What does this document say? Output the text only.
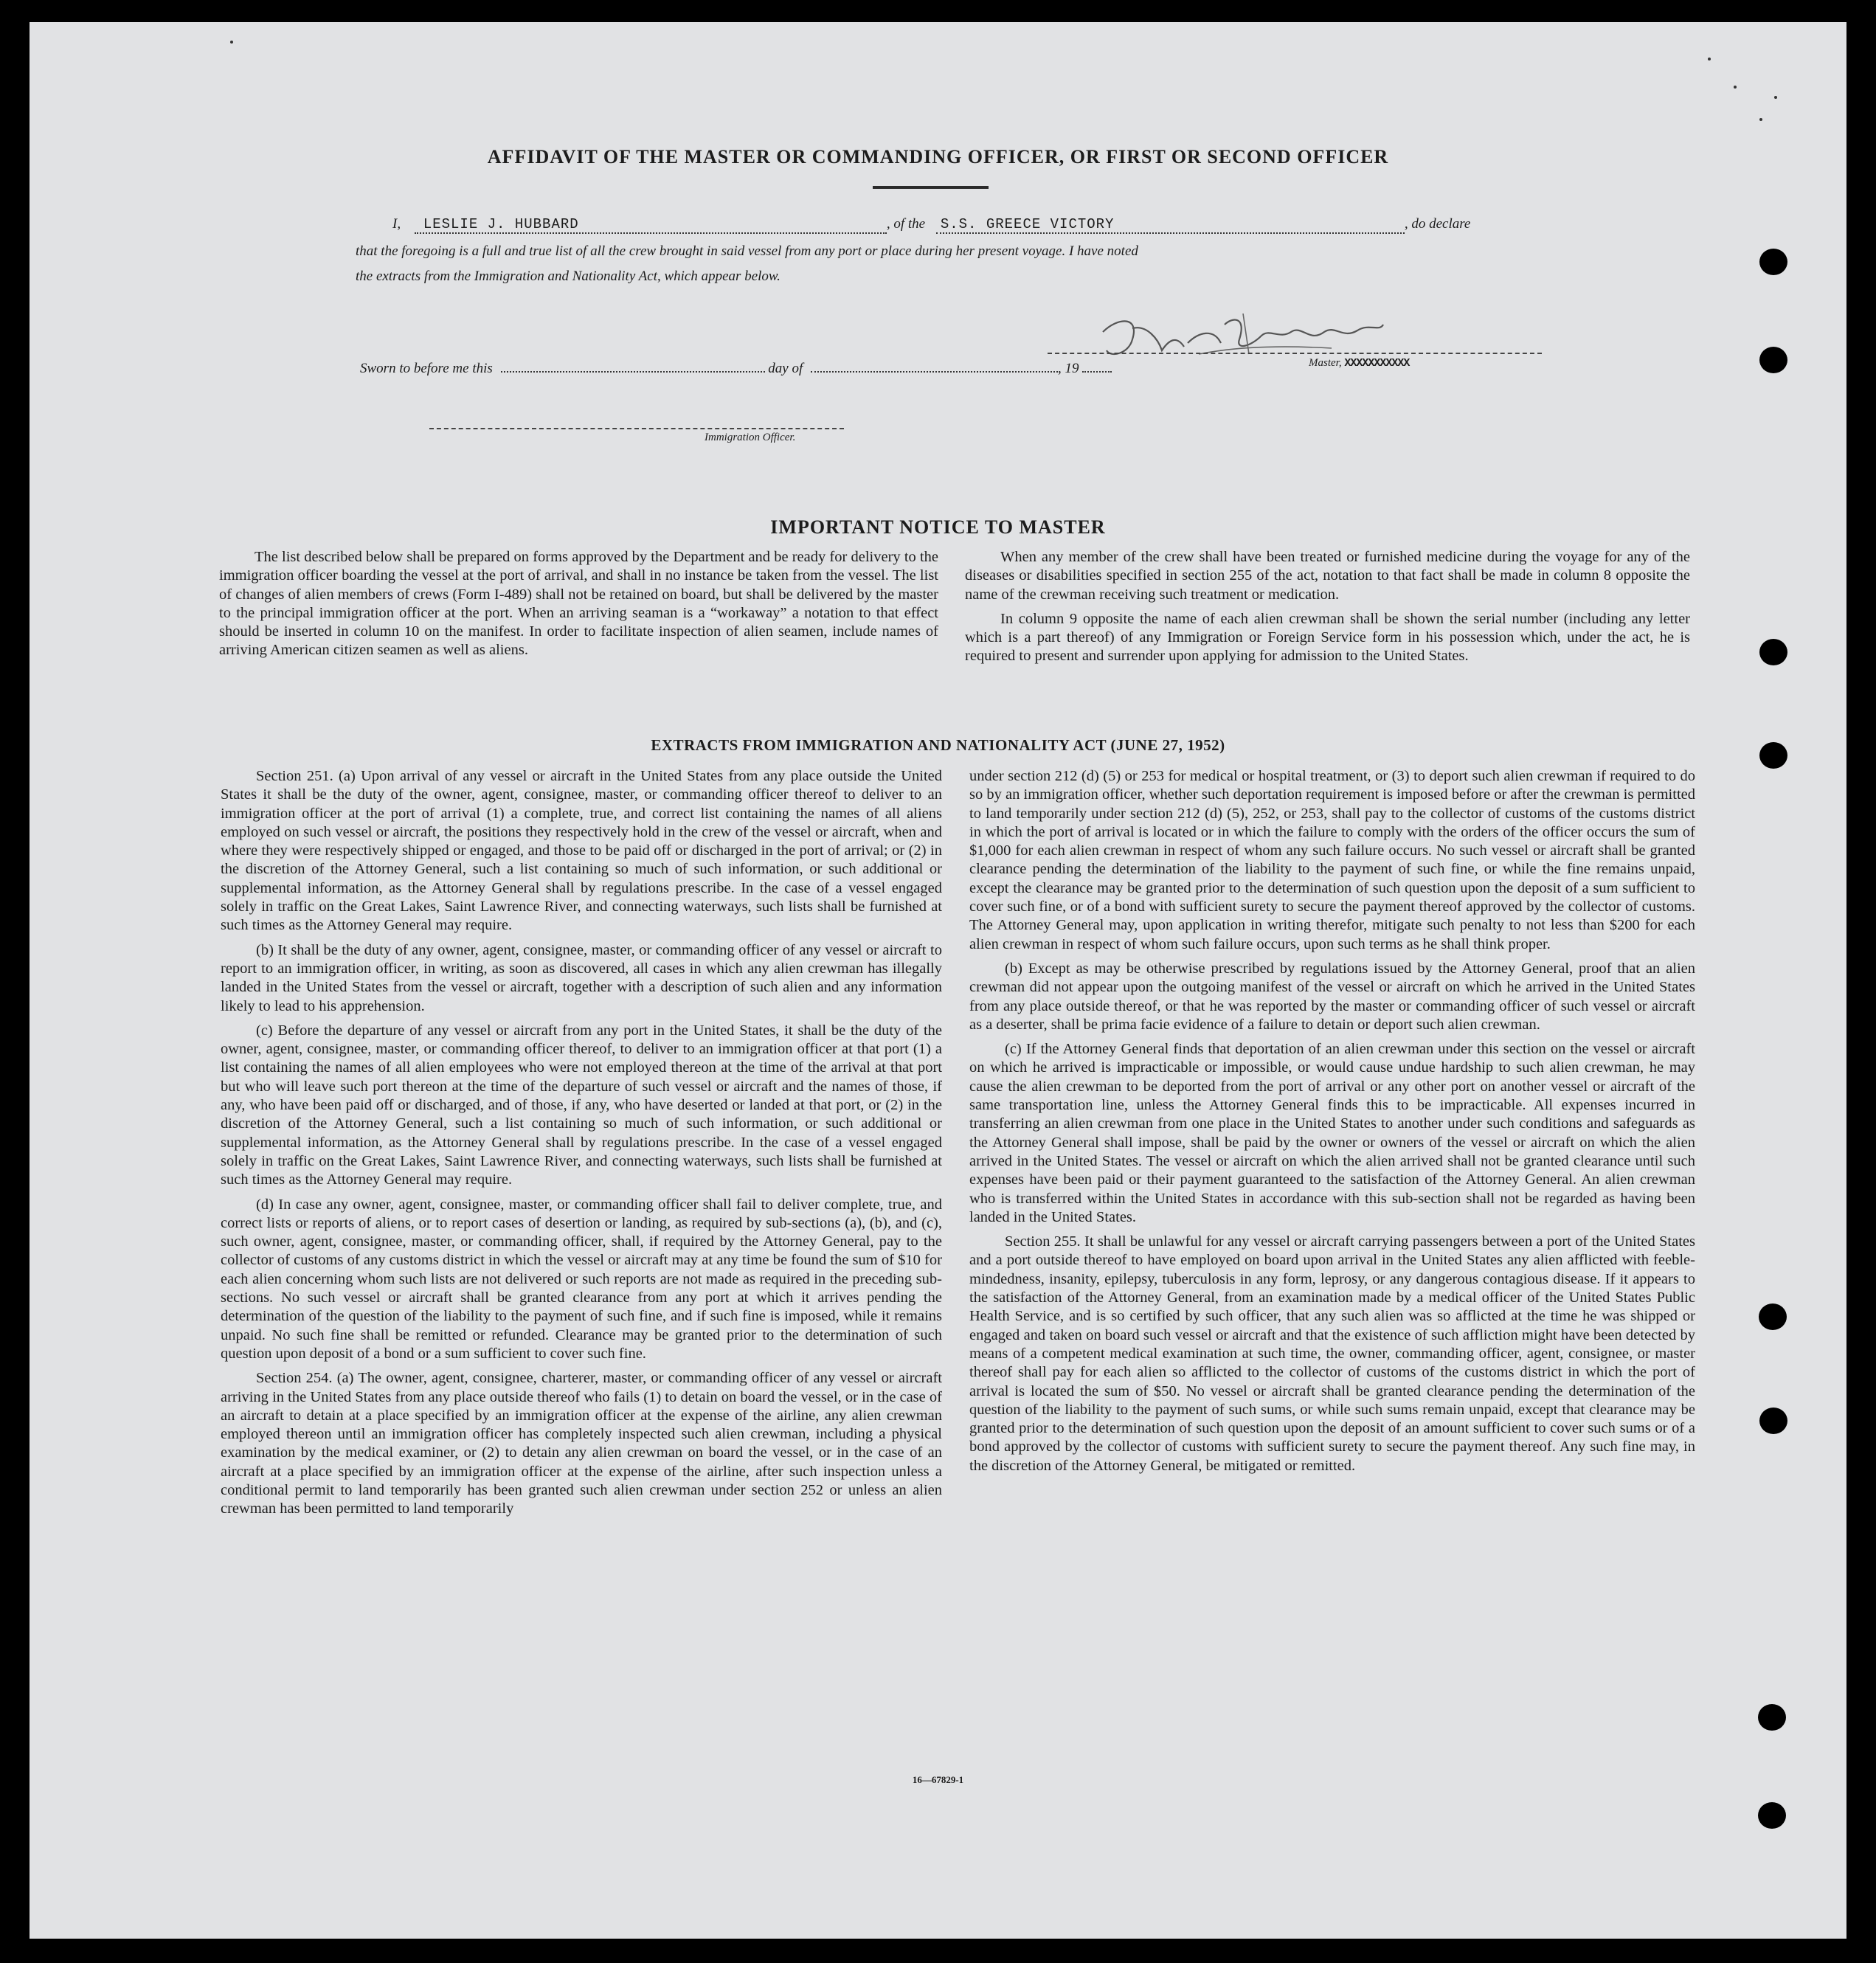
AFFIDAVIT OF THE MASTER OR COMMANDING OFFICER, OR FIRST OR SECOND OFFICER
I, LESLIE J. HUBBARD	, of the S.S. GREECE VICTORY	, do declare
that the foregoing is a full and true list of all the crew brought in said vessel from any port or place during her present voyage. I have noted
the extracts from the Immigration and Nationality Act, which appear below.
Master, XXXXXXXXXXX
Sworn to before me this	day of	, 19
Immigration Officer.
IMPORTANT NOTICE TO MASTER

The list described below shall be prepared on forms approved by the Department and be ready for delivery to the immigration officer boarding the vessel at the port of arrival, and shall in no instance be taken from the vessel. The list of changes of alien members of crews (Form I-489) shall not be retained on board, but shall be delivered by the master to the principal immigration officer at the port. When an arriving seaman is a “workaway” a notation to that effect should be inserted in column 10 on the manifest. In order to facilitate inspection of alien seamen, include names of arriving American citizen seamen as well as aliens.

When any member of the crew shall have been treated or furnished medicine during the voyage for any of the diseases or disabilities specified in section 255 of the act, notation to that fact shall be made in column 8 opposite the name of the crewman receiving such treatment or medication.

In column 9 opposite the name of each alien crewman shall be shown the serial number (including any letter which is a part thereof) of any Immigration or Foreign Service form in his possession which, under the act, he is required to present and surrender upon applying for admission to the United States.

EXTRACTS FROM IMMIGRATION AND NATIONALITY ACT (JUNE 27, 1952)

Section 251. (a) Upon arrival of any vessel or aircraft in the United States from any place outside the United States it shall be the duty of the owner, agent, consignee, master, or commanding officer thereof to deliver to an immigration officer at the port of arrival (1) a complete, true, and correct list containing the names of all aliens employed on such vessel or aircraft, the positions they respectively hold in the crew of the vessel or aircraft, when and where they were respectively shipped or engaged, and those to be paid off or discharged in the port of arrival; or (2) in the discretion of the Attorney General, such a list containing so much of such information, or such additional or supplemental information, as the Attorney General shall by regulations prescribe. In the case of a vessel engaged solely in traffic on the Great Lakes, Saint Lawrence River, and connecting waterways, such lists shall be furnished at such times as the Attorney General may require.

(b) It shall be the duty of any owner, agent, consignee, master, or commanding officer of any vessel or aircraft to report to an immigration officer, in writing, as soon as discovered, all cases in which any alien crewman has illegally landed in the United States from the vessel or aircraft, together with a description of such alien and any information likely to lead to his apprehension.

(c) Before the departure of any vessel or aircraft from any port in the United States, it shall be the duty of the owner, agent, consignee, master, or commanding officer thereof, to deliver to an immigration officer at that port (1) a list containing the names of all alien employees who were not employed thereon at the time of the arrival at that port but who will leave such port thereon at the time of the departure of such vessel or aircraft and the names of those, if any, who have been paid off or discharged, and of those, if any, who have deserted or landed at that port, or (2) in the discretion of the Attorney General, such a list containing so much of such information, or such additional or supplemental information, as the Attorney General shall by regulations prescribe. In the case of a vessel engaged solely in traffic on the Great Lakes, Saint Lawrence River, and connecting waterways, such lists shall be furnished at such times as the Attorney General may require.

(d) In case any owner, agent, consignee, master, or commanding officer shall fail to deliver complete, true, and correct lists or reports of aliens, or to report cases of desertion or landing, as required by sub-sections (a), (b), and (c), such owner, agent, consignee, master, or commanding officer, shall, if required by the Attorney General, pay to the collector of customs of any customs district in which the vessel or aircraft may at any time be found the sum of $10 for each alien concerning whom such lists are not delivered or such reports are not made as required in the preceding sub-sections. No such vessel or aircraft shall be granted clearance from any port at which it arrives pending the determination of the question of the liability to the payment of such fine, and if such fine is imposed, while it remains unpaid. No such fine shall be remitted or refunded. Clearance may be granted prior to the determination of such question upon deposit of a bond or a sum sufficient to cover such fine.

Section 254. (a) The owner, agent, consignee, charterer, master, or commanding officer of any vessel or aircraft arriving in the United States from any place outside thereof who fails (1) to detain on board the vessel, or in the case of an aircraft to detain at a place specified by an immigration officer at the expense of the airline, any alien crewman employed thereon until an immigration officer has completely inspected such alien crewman, including a physical examination by the medical examiner, or (2) to detain any alien crewman on board the vessel, or in the case of an aircraft at a place specified by an immigration officer at the expense of the airline, after such inspection unless a conditional permit to land temporarily has been granted such alien crewman under section 252 or unless an alien crewman has been permitted to land temporarily

under section 212 (d) (5) or 253 for medical or hospital treatment, or (3) to deport such alien crewman if required to do so by an immigration officer, whether such deportation requirement is imposed before or after the crewman is permitted to land temporarily under section 212 (d) (5), 252, or 253, shall pay to the collector of customs of the customs district in which the port of arrival is located or in which the failure to comply with the orders of the officer occurs the sum of $1,000 for each alien crewman in respect of whom any such failure occurs. No such vessel or aircraft shall be granted clearance pending the determination of the liability to the payment of such fine, or while the fine remains unpaid, except the clearance may be granted prior to the determination of such question upon the deposit of a sum sufficient to cover such fine, or of a bond with sufficient surety to secure the payment thereof approved by the collector of customs. The Attorney General may, upon application in writing therefor, mitigate such penalty to not less than $200 for each alien crewman in respect of whom such failure occurs, upon such terms as he shall think proper.

(b) Except as may be otherwise prescribed by regulations issued by the Attorney General, proof that an alien crewman did not appear upon the outgoing manifest of the vessel or aircraft on which he arrived in the United States from any place outside thereof, or that he was reported by the master or commanding officer of such vessel or aircraft as a deserter, shall be prima facie evidence of a failure to detain or deport such alien crewman.

(c) If the Attorney General finds that deportation of an alien crewman under this section on the vessel or aircraft on which he arrived is impracticable or impossible, or would cause undue hardship to such alien crewman, he may cause the alien crewman to be deported from the port of arrival or any other port on another vessel or aircraft of the same transportation line, unless the Attorney General finds this to be impracticable. All expenses incurred in transferring an alien crewman from one place in the United States to another under such conditions and safeguards as the Attorney General shall impose, shall be paid by the owner or owners of the vessel or aircraft on which the alien arrived in the United States. The vessel or aircraft on which the alien arrived shall not be granted clearance until such expenses have been paid or their payment guaranteed to the satisfaction of the Attorney General. An alien crewman who is transferred within the United States in accordance with this sub-section shall not be regarded as having been landed in the United States.

Section 255. It shall be unlawful for any vessel or aircraft carrying passengers between a port of the United States and a port outside thereof to have employed on board upon arrival in the United States any alien afflicted with feeble-mindedness, insanity, epilepsy, tuberculosis in any form, leprosy, or any dangerous contagious disease. If it appears to the satisfaction of the Attorney General, from an examination made by a medical officer of the United States Public Health Service, and is so certified by such officer, that any such alien was so afflicted at the time he was shipped or engaged and taken on board such vessel or aircraft and that the existence of such affliction might have been detected by means of a competent medical examination at such time, the owner, commanding officer, agent, consignee, or master thereof shall pay for each alien so afflicted to the collector of customs of the customs district in which the port of arrival is located the sum of $50. No vessel or aircraft shall be granted clearance pending the determination of the question of the liability to the payment of such sums, or while such sums remain unpaid, except that clearance may be granted prior to the determination of such question upon the deposit of an amount sufficient to cover such sums or of a bond approved by the collector of customs with sufficient surety to secure the payment thereof. Any such fine may, in the discretion of the Attorney General, be mitigated or remitted.

16—67829-1
